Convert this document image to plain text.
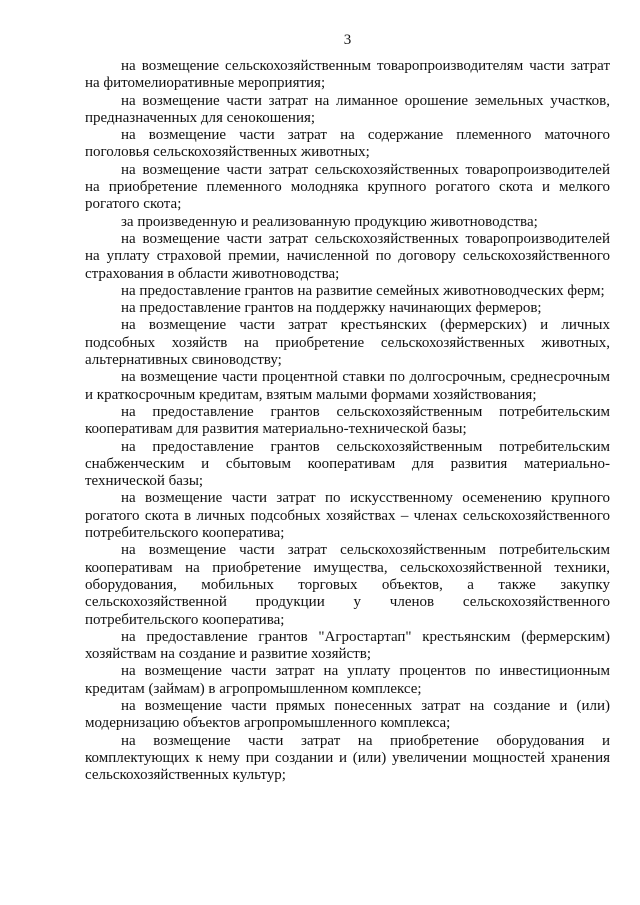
3

на возмещение сельскохозяйственным товаропроизводителям части затрат на фитомелиоративные мероприятия;

на возмещение части затрат на лиманное орошение земельных участков, предназначенных для сенокошения;

на возмещение части затрат на содержание племенного маточного поголовья сельскохозяйственных животных;

на возмещение части затрат сельскохозяйственных товаропроизводителей на приобретение племенного молодняка крупного рогатого скота и мелкого рогатого скота;

за произведенную и реализованную продукцию животноводства;

на возмещение части затрат сельскохозяйственных товаропроизводителей на уплату страховой премии, начисленной по договору сельскохозяйственного страхования в области животноводства;

на предоставление грантов на развитие семейных животноводческих ферм;

на предоставление грантов на поддержку начинающих фермеров;

на возмещение части затрат крестьянских (фермерских) и личных подсобных хозяйств на приобретение сельскохозяйственных животных, альтернативных свиноводству;

на возмещение части процентной ставки по долгосрочным, среднесрочным и краткосрочным кредитам, взятым малыми формами хозяйствования;

на предоставление грантов сельскохозяйственным потребительским кооперативам для развития материально-технической базы;

на предоставление грантов сельскохозяйственным потребительским снабженческим и сбытовым кооперативам для развития материально-технической базы;

на возмещение части затрат по искусственному осеменению крупного рогатого скота в личных подсобных хозяйствах – членах сельскохозяйственного потребительского кооператива;

на возмещение части затрат сельскохозяйственным потребительским кооперативам на приобретение имущества, сельскохозяйственной техники, оборудования, мобильных торговых объектов, а также закупку сельскохозяйственной продукции у членов сельскохозяйственного потребительского кооператива;

на предоставление грантов "Агростартап" крестьянским (фермерским) хозяйствам на создание и развитие хозяйств;

на возмещение части затрат на уплату процентов по инвестиционным кредитам (займам) в агропромышленном комплексе;

на возмещение части прямых понесенных затрат на создание и (или) модернизацию объектов агропромышленного комплекса;

на возмещение части затрат на приобретение оборудования и комплектующих к нему при создании и (или) увеличении мощностей хранения сельскохозяйственных культур;
